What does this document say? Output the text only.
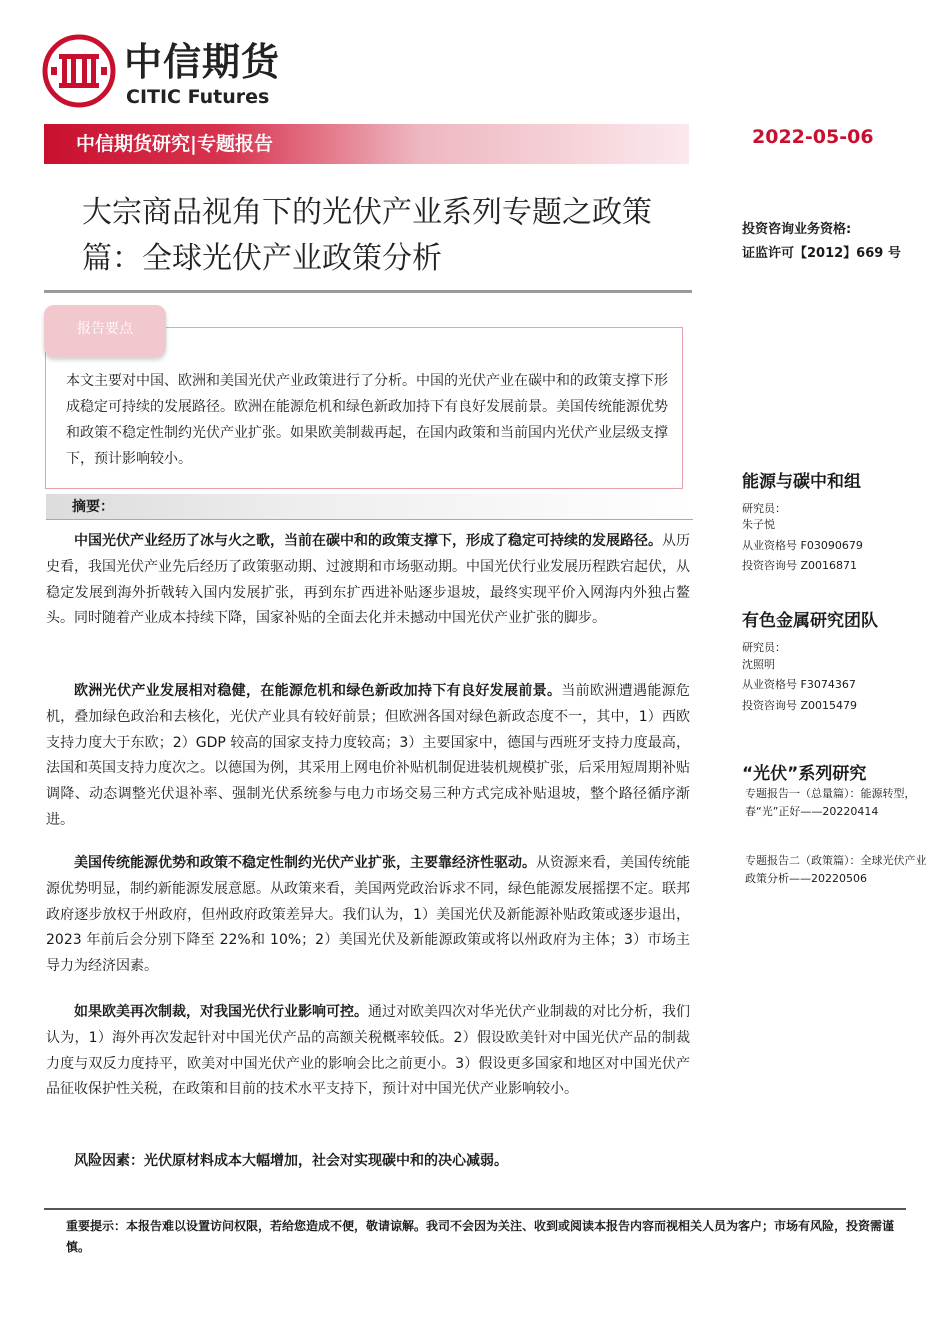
中信期货
CITIC Futures
中信期货研究|专题报告	2022-05-06
大宗商品视角下的光伏产业系列专题之政策篇：全球光伏产业政策分析
投资咨询业务资格:
证监许可【2012】669 号
报告要点
本文主要对中国、欧洲和美国光伏产业政策进行了分析。中国的光伏产业在碳中和的政策支撑下形成稳定可持续的发展路径。欧洲在能源危机和绿色新政加持下有良好发展前景。美国传统能源优势和政策不稳定性制约光伏产业扩张。如果欧美制裁再起，在国内政策和当前国内光伏产业层级支撑下，预计影响较小。
摘要：
中国光伏产业经历了冰与火之歌，当前在碳中和的政策支撑下，形成了稳定可持续的发展路径。从历史看，我国光伏产业先后经历了政策驱动期、过渡期和市场驱动期。中国光伏行业发展历程跌宕起伏，从稳定发展到海外折戟转入国内发展扩张，再到东扩西进补贴逐步退坡，最终实现平价入网海内外独占鳌头。同时随着产业成本持续下降，国家补贴的全面去化并未撼动中国光伏产业扩张的脚步。
欧洲光伏产业发展相对稳健，在能源危机和绿色新政加持下有良好发展前景。当前欧洲遭遇能源危机，叠加绿色政治和去核化，光伏产业具有较好前景；但欧洲各国对绿色新政态度不一，其中，1）西欧支持力度大于东欧；2）GDP 较高的国家支持力度较高；3）主要国家中，德国与西班牙支持力度最高，法国和英国支持力度次之。以德国为例，其采用上网电价补贴机制促进装机规模扩张，后采用短周期补贴调降、动态调整光伏退补率、强制光伏系统参与电力市场交易三种方式完成补贴退坡，整个路径循序渐进。
美国传统能源优势和政策不稳定性制约光伏产业扩张，主要靠经济性驱动。从资源来看，美国传统能源优势明显，制约新能源发展意愿。从政策来看，美国两党政治诉求不同，绿色能源发展摇摆不定。联邦政府逐步放权于州政府，但州政府政策差异大。我们认为，1）美国光伏及新能源补贴政策或逐步退出，2023 年前后会分别下降至 22%和 10%；2）美国光伏及新能源政策或将以州政府为主体；3）市场主导力为经济因素。
如果欧美再次制裁，对我国光伏行业影响可控。通过对欧美四次对华光伏产业制裁的对比分析，我们认为，1）海外再次发起针对中国光伏产品的高额关税概率较低。2）假设欧美针对中国光伏产品的制裁力度与双反力度持平，欧美对中国光伏产业的影响会比之前更小。3）假设更多国家和地区对中国光伏产品征收保护性关税，在政策和目前的技术水平支持下，预计对中国光伏产业影响较小。
风险因素：光伏原材料成本大幅增加，社会对实现碳中和的决心减弱。
能源与碳中和组
研究员：
朱子悦
从业资格号 F03090679
投资咨询号 Z0016871
有色金属研究团队
研究员：
沈照明
从业资格号 F3074367
投资咨询号 Z0015479
“光伏”系列研究
专题报告一（总量篇）：能源转型，春“光”正好——20220414
专题报告二（政策篇）：全球光伏产业政策分析——20220506
重要提示：本报告难以设置访问权限，若给您造成不便，敬请谅解。我司不会因为关注、收到或阅读本报告内容而视相关人员为客户；市场有风险，投资需谨慎。
